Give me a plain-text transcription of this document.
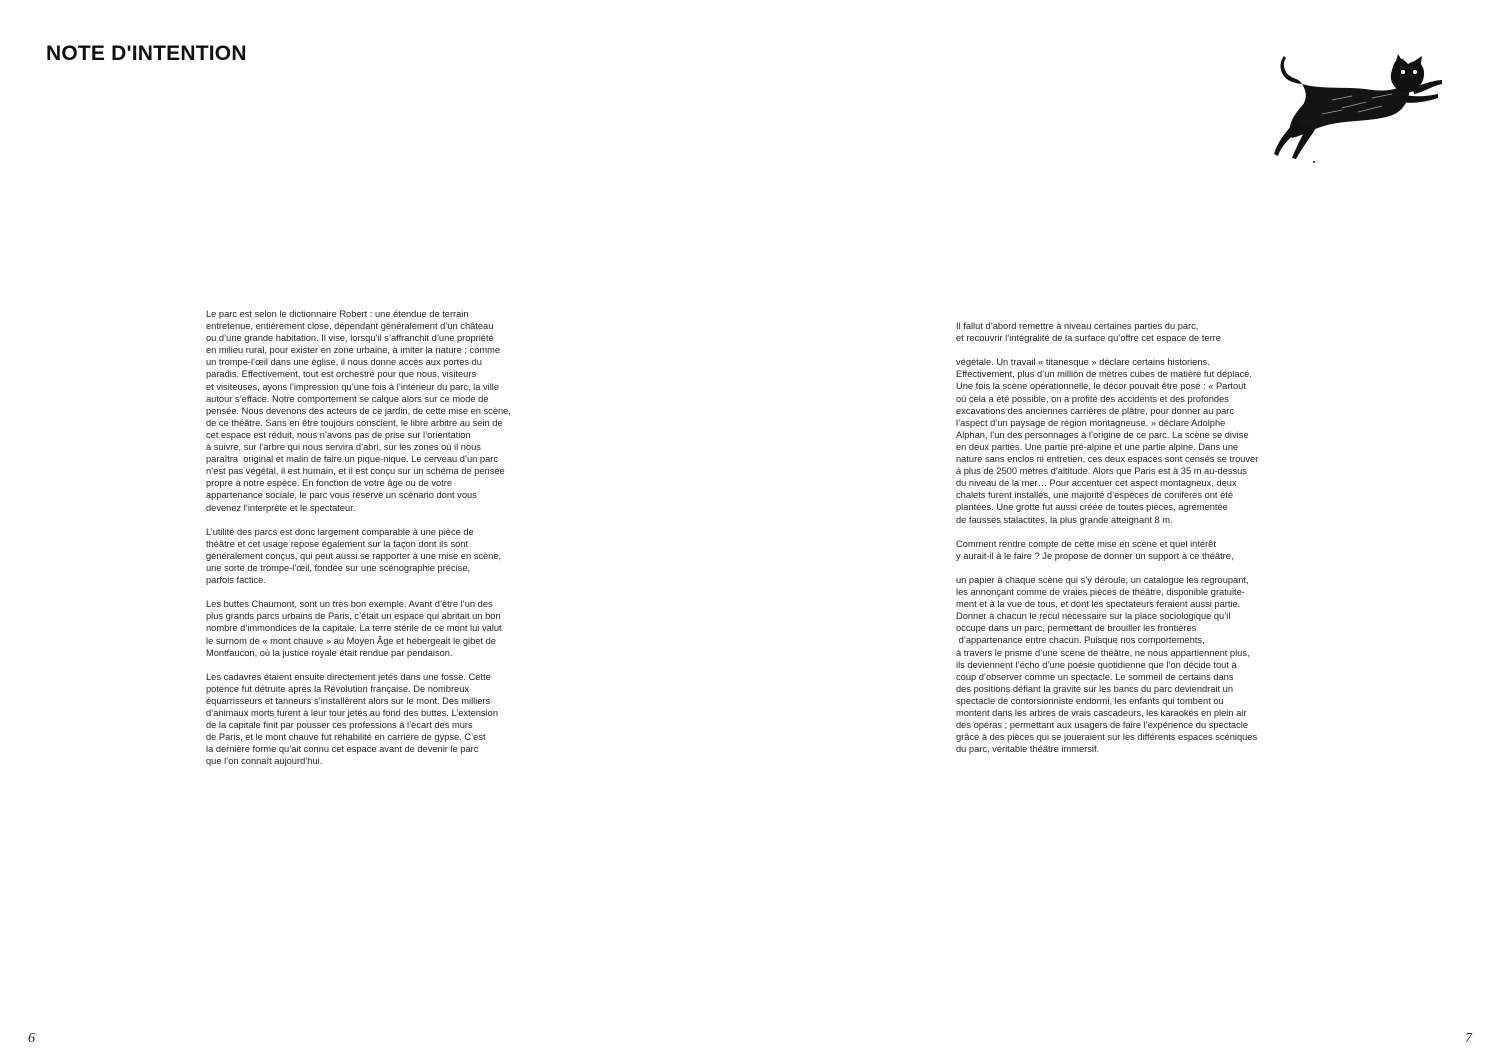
NOTE D'INTENTION
Le parc est selon le dictionnaire Robert : une étendue de terrain
entretenue, entièrement close, dépendant généralement d’un château
ou d’une grande habitation. Il vise, lorsqu’il s’affranchit d’une propriété
en milieu rural, pour exister en zone urbaine, à imiter la nature ; comme
un trompe-l’œil dans une église, il nous donne accès aux portes du
paradis. Effectivement, tout est orchestré pour que nous, visiteurs
et visiteuses, ayons l’impression qu’une fois à l’intérieur du parc, la ville
autour s’efface. Notre comportement se calque alors sur ce mode de
pensée. Nous devenons des acteurs de ce jardin, de cette mise en scène,
de ce théâtre. Sans en être toujours conscient, le libre arbitre au sein de
cet espace est réduit, nous n’avons pas de prise sur l’orientation
à suivre, sur l’arbre qui nous servira d’abri, sur les zones où il nous
paraîtra  original et malin de faire un pique-nique. Le cerveau d’un parc
n’est pas végétal, il est humain, et il est conçu sur un schéma de pensée
propre à notre espèce. En fonction de votre âge ou de votre
appartenance sociale, le parc vous réserve un scénario dont vous
devenez l’interprète et le spectateur.
L’utilité des parcs est donc largement comparable à une pièce de
théâtre et cet usage repose également sur la façon dont ils sont
généralement conçus, qui peut aussi se rapporter à une mise en scène,
une sorte de trompe-l’œil, fondée sur une scénographie précise,
parfois factice.
Les buttes Chaumont, sont un très bon exemple. Avant d’être l’un des
plus grands parcs urbains de Paris, c’était un espace qui abritait un bon
nombre d’immondices de la capitale. La terre stérile de ce mont lui valut
le surnom de « mont chauve » au Moyen Âge et hébergeait le gibet de
Montfaucon, où la justice royale était rendue par pendaison.
Les cadavres étaient ensuite directement jetés dans une fosse. Cette
potence fut détruite après la Révolution française. De nombreux
équarrisseurs et tanneurs s’installèrent alors sur le mont. Des milliers
d’animaux morts furent à leur tour jetés au fond des buttes. L’extension
de la capitale finit par pousser ces professions à l’écart des murs
de Paris, et le mont chauve fut réhabilité en carrière de gypse. C’est
la dernière forme qu’ait connu cet espace avant de devenir le parc
que l’on connaît aujourd’hui.
Il fallut d’abord remettre à niveau certaines parties du parc,
et recouvrir l’intégralité de la surface qu’offre cet espace de terre
végétale. Un travail « titanesque » déclare certains historiens.
Effectivement, plus d’un million de mètres cubes de matière fut déplacé.
Une fois la scène opérationnelle, le décor pouvait être posé : « Partout
où cela a été possible, on a profité des accidents et des profondes
excavations des anciennes carrières de plâtre, pour donner au parc
l’aspect d’un paysage de région montagneuse. » déclare Adolphe
Alphan, l’un des personnages à l’origine de ce parc. La scène se divise
en deux parties. Une partie pré-alpine et une partie alpine. Dans une
nature sans enclos ni entretien, ces deux espaces sont censés se trouver
à plus de 2500 mètres d’altitude. Alors que Paris est à 35 m au-dessus
du niveau de la mer… Pour accentuer cet aspect montagneux, deux
chalets furent installés, une majorité d’espèces de conifères ont été
plantées. Une grotte fut aussi créée de toutes pièces, agrémentée
de fausses stalactites, la plus grande atteignant 8 m.
Comment rendre compte de cette mise en scène et quel intérêt
y aurait-il à le faire ? Je propose de donner un support à ce théâtre,
un papier à chaque scène qui s’y déroule, un catalogue les regroupant,
les annonçant comme de vraies pièces de théâtre, disponible gratuite-
ment et à la vue de tous, et dont les spectateurs feraient aussi partie.
Donner à chacun le recul nécessaire sur la place sociologique qu’il
occupe dans un parc, permettant de brouiller les frontières
d’appartenance entre chacun. Puisque nos comportements,
à travers le prisme d’une scène de théâtre, ne nous appartiennent plus,
ils deviennent l’écho d’une poésie quotidienne que l’on décide tout à
coup d’observer comme un spectacle. Le sommeil de certains dans
des positions défiant la gravité sur les bancs du parc deviendrait un
spectacle de contorsionniste endormi, les enfants qui tombent ou
montent dans les arbres de vrais cascadeurs, les karaokés en plein air
des opéras ; permettant aux usagers de faire l’expérience du spectacle
grâce à des pièces qui se joueraient sur les différents espaces scéniques
du parc, véritable théâtre immersif.
6	7
